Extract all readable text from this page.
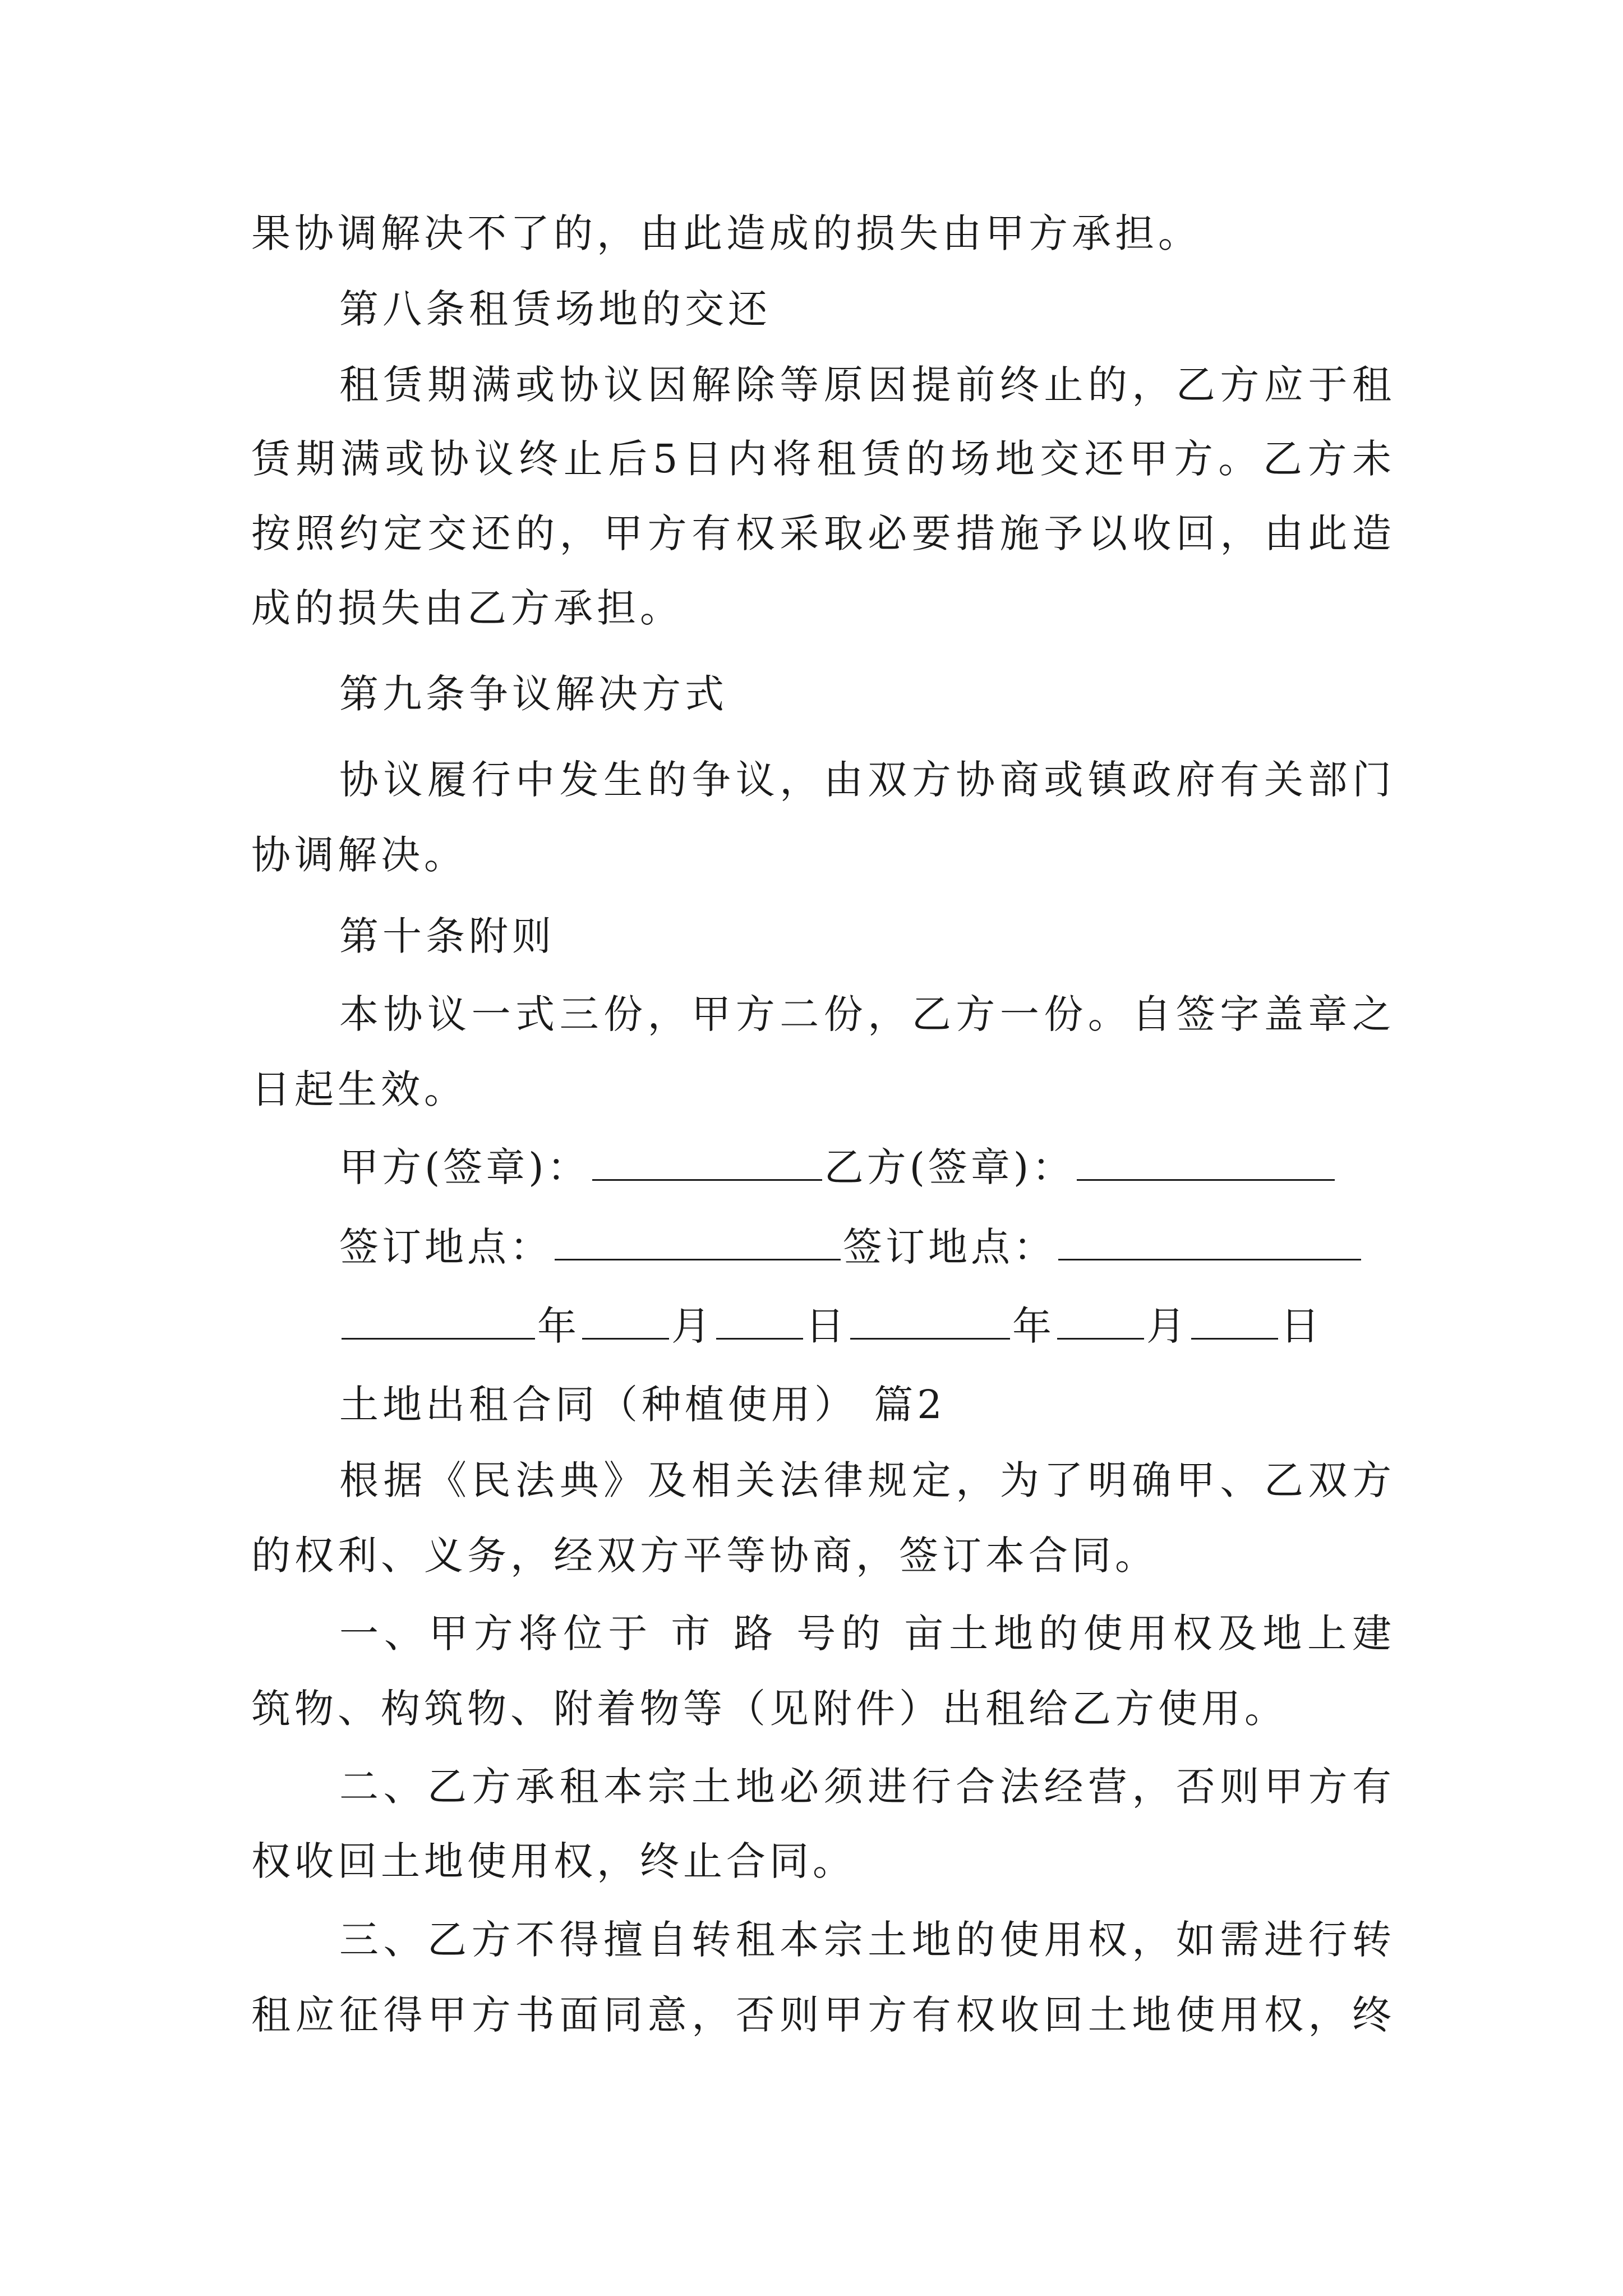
果协调解决不了的，由此造成的损失由甲方承担。
第八条租赁场地的交还
租赁期满或协议因解除等原因提前终止的，乙方应于租
赁期满或协议终止后5日内将租赁的场地交还甲方。乙方未
按照约定交还的，甲方有权采取必要措施予以收回，由此造
成的损失由乙方承担。
第九条争议解决方式
协议履行中发生的争议，由双方协商或镇政府有关部门
协调解决。
第十条附则
本协议一式三份，甲方二份，乙方一份。自签字盖章之
日起生效。
甲方(签章)：	乙方(签章)：
签订地点：	签订地点：
年 月 日	年 月 日
土地出租合同（种植使用） 篇2
根据《民法典》及相关法律规定，为了明确甲、乙双方
的权利、义务，经双方平等协商，签订本合同。
一、甲方将位于 市 路 号的 亩土地的使用权及地上建
筑物、构筑物、附着物等（见附件）出租给乙方使用。
二、乙方承租本宗土地必须进行合法经营，否则甲方有
权收回土地使用权，终止合同。
三、乙方不得擅自转租本宗土地的使用权，如需进行转
租应征得甲方书面同意，否则甲方有权收回土地使用权，终
